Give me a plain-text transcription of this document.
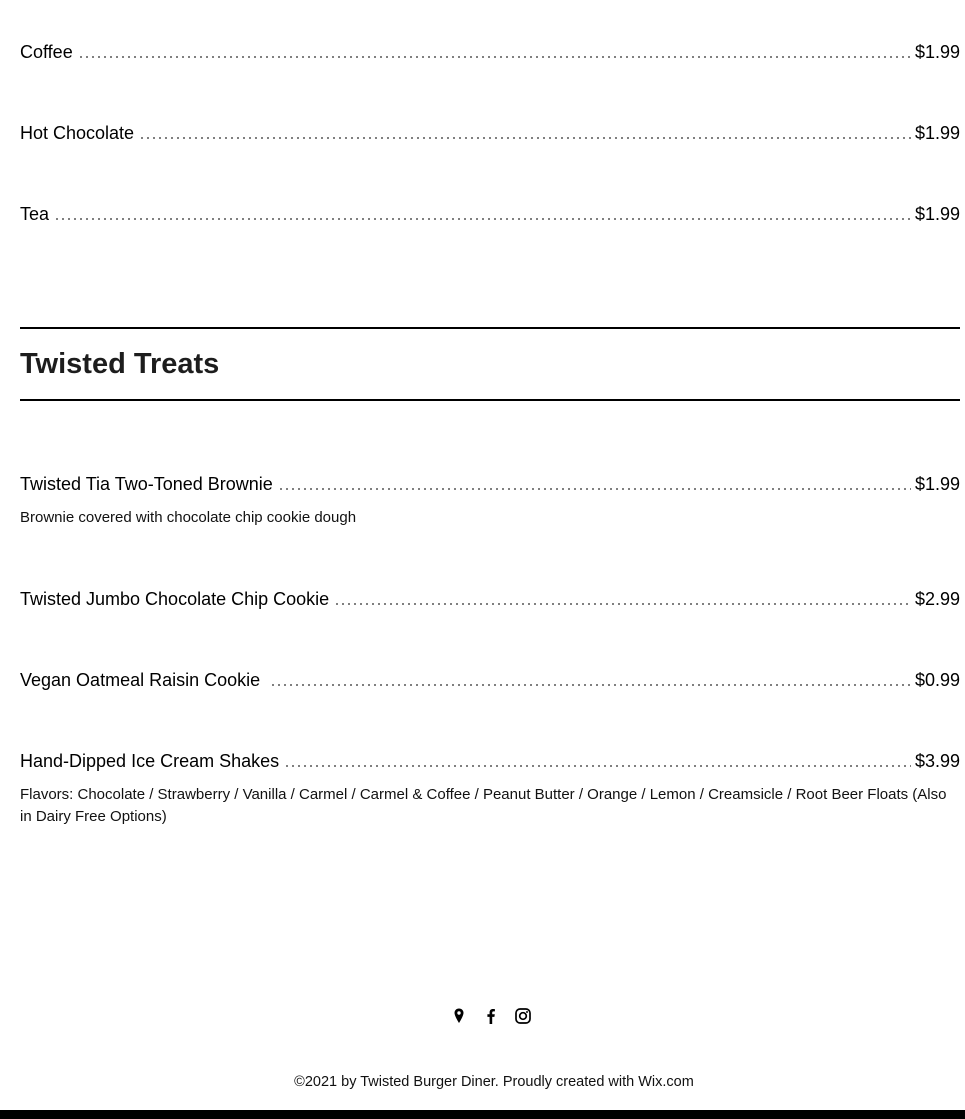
Coffee	$1.99
Hot Chocolate	$1.99
Tea	$1.99
Twisted Treats
Twisted Tia Two-Toned Brownie	$1.99
Brownie covered with chocolate chip cookie dough
Twisted Jumbo Chocolate Chip Cookie	$2.99
Vegan Oatmeal Raisin Cookie	$0.99
Hand-Dipped Ice Cream Shakes	$3.99
Flavors: Chocolate / Strawberry / Vanilla / Carmel / Carmel & Coffee / Peanut Butter / Orange / Lemon / Creamsicle / Root Beer Floats (Also in Dairy Free Options)
©2021 by Twisted Burger Diner. Proudly created with Wix.com
